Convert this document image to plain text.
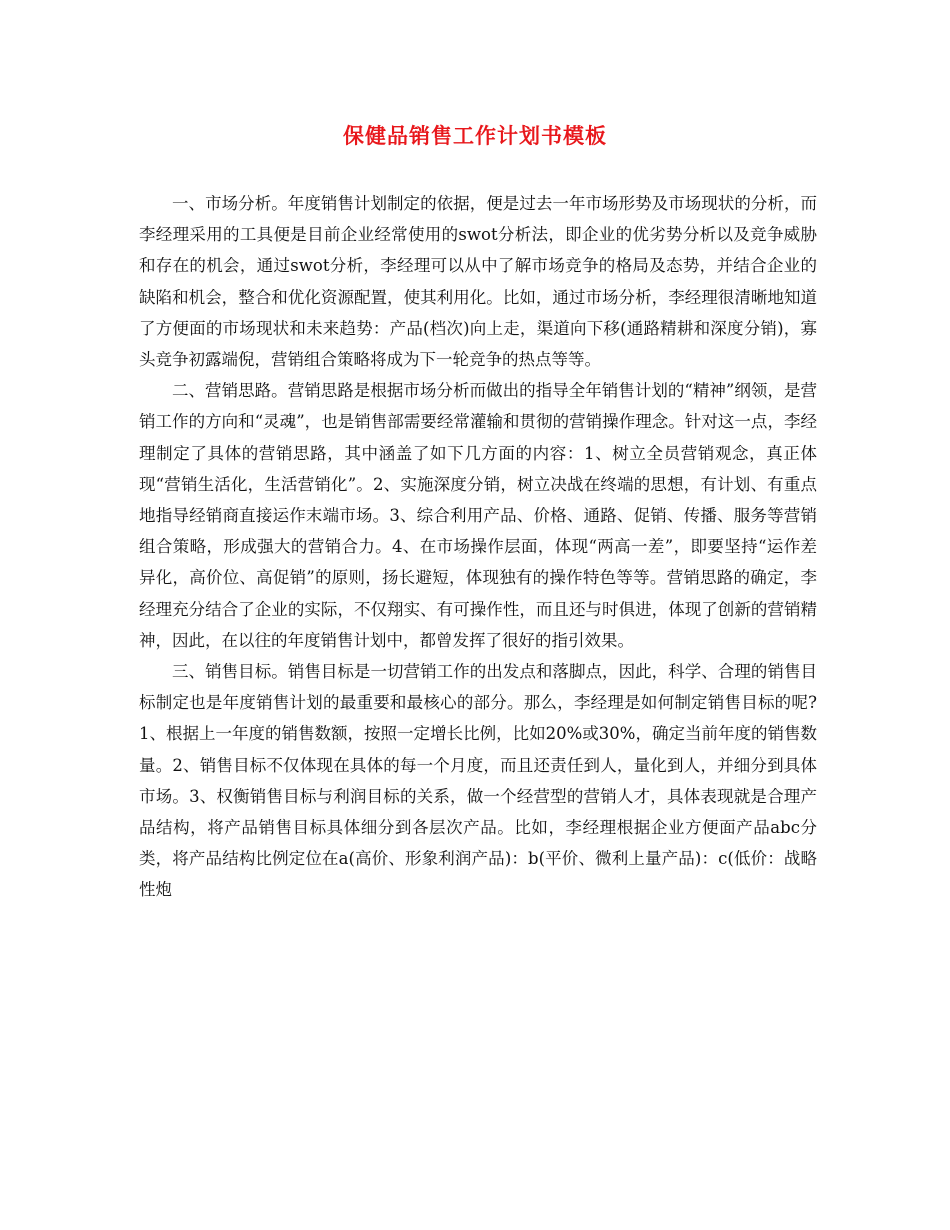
保健品销售工作计划书模板

一、市场分析。年度销售计划制定的依据，便是过去一年市场形势及市场现状的分析，而李经理采用的工具便是目前企业经常使用的swot分析法，即企业的优劣势分析以及竞争威胁和存在的机会，通过swot分析，李经理可以从中了解市场竞争的格局及态势，并结合企业的缺陷和机会，整合和优化资源配置，使其利用化。比如，通过市场分析，李经理很清晰地知道了方便面的市场现状和未来趋势：产品(档次)向上走，渠道向下移(通路精耕和深度分销)，寡头竞争初露端倪，营销组合策略将成为下一轮竞争的热点等等。

二、营销思路。营销思路是根据市场分析而做出的指导全年销售计划的“精神”纲领，是营销工作的方向和“灵魂”，也是销售部需要经常灌输和贯彻的营销操作理念。针对这一点，李经理制定了具体的营销思路，其中涵盖了如下几方面的内容：1、树立全员营销观念，真正体现“营销生活化，生活营销化”。2、实施深度分销，树立决战在终端的思想，有计划、有重点地指导经销商直接运作末端市场。3、综合利用产品、价格、通路、促销、传播、服务等营销组合策略，形成强大的营销合力。4、在市场操作层面，体现“两高一差”，即要坚持“运作差异化，高价位、高促销”的原则，扬长避短，体现独有的操作特色等等。营销思路的确定，李经理充分结合了企业的实际，不仅翔实、有可操作性，而且还与时俱进，体现了创新的营销精神，因此，在以往的年度销售计划中，都曾发挥了很好的指引效果。

三、销售目标。销售目标是一切营销工作的出发点和落脚点，因此，科学、合理的销售目标制定也是年度销售计划的最重要和最核心的部分。那么，李经理是如何制定销售目标的呢?1、根据上一年度的销售数额，按照一定增长比例，比如20%或30%，确定当前年度的销售数量。2、销售目标不仅体现在具体的每一个月度，而且还责任到人，量化到人，并细分到具体市场。3、权衡销售目标与利润目标的关系，做一个经营型的营销人才，具体表现就是合理产品结构，将产品销售目标具体细分到各层次产品。比如，李经理根据企业方便面产品abc分类，将产品结构比例定位在a(高价、形象利润产品)：b(平价、微利上量产品)：c(低价：战略性炮
